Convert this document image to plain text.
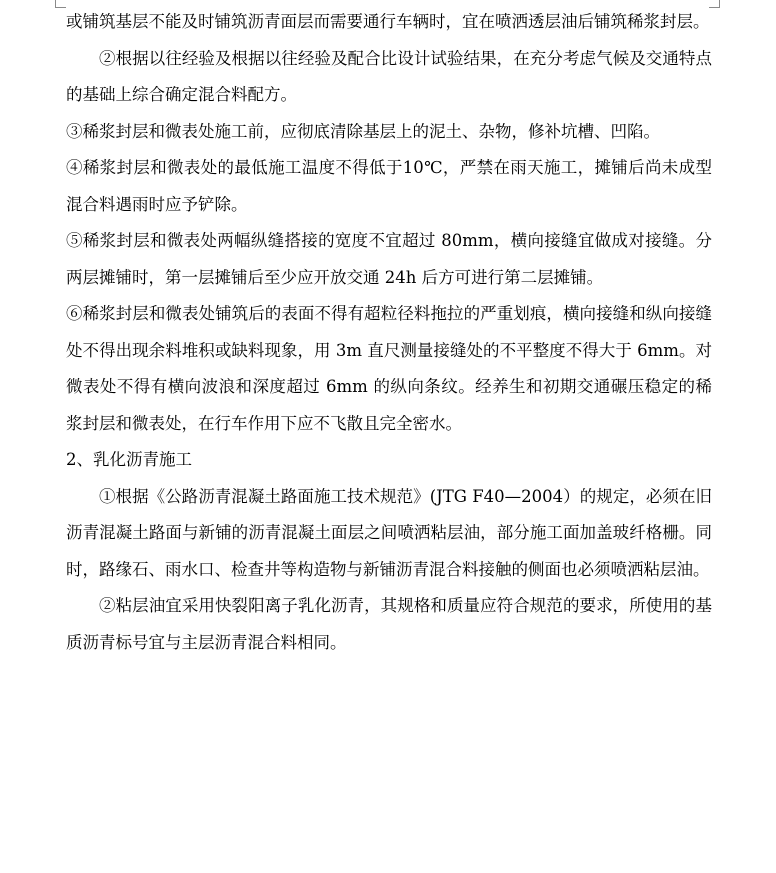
或铺筑基层不能及时铺筑沥青面层而需要通行车辆时，宜在喷洒透层油后铺筑稀浆封层。

②根据以往经验及根据以往经验及配合比设计试验结果，在充分考虑气候及交通特点的基础上综合确定混合料配方。

③稀浆封层和微表处施工前，应彻底清除基层上的泥土、杂物，修补坑槽、凹陷。

④稀浆封层和微表处的最低施工温度不得低于10℃，严禁在雨天施工，摊铺后尚未成型混合料遇雨时应予铲除。

⑤稀浆封层和微表处两幅纵缝搭接的宽度不宜超过 80mm，横向接缝宜做成对接缝。分两层摊铺时，第一层摊铺后至少应开放交通 24h 后方可进行第二层摊铺。

⑥稀浆封层和微表处铺筑后的表面不得有超粒径料拖拉的严重划痕，横向接缝和纵向接缝处不得出现余料堆积或缺料现象，用 3m 直尺测量接缝处的不平整度不得大于 6mm。对微表处不得有横向波浪和深度超过 6mm 的纵向条纹。经养生和初期交通碾压稳定的稀浆封层和微表处，在行车作用下应不飞散且完全密水。

2、乳化沥青施工

①根据《公路沥青混凝土路面施工技术规范》(JTG F40—2004）的规定，必须在旧沥青混凝土路面与新铺的沥青混凝土面层之间喷洒粘层油，部分施工面加盖玻纤格栅。同时，路缘石、雨水口、检查井等构造物与新铺沥青混合料接触的侧面也必须喷洒粘层油。

②粘层油宜采用快裂阳离子乳化沥青，其规格和质量应符合规范的要求，所使用的基质沥青标号宜与主层沥青混合料相同。
